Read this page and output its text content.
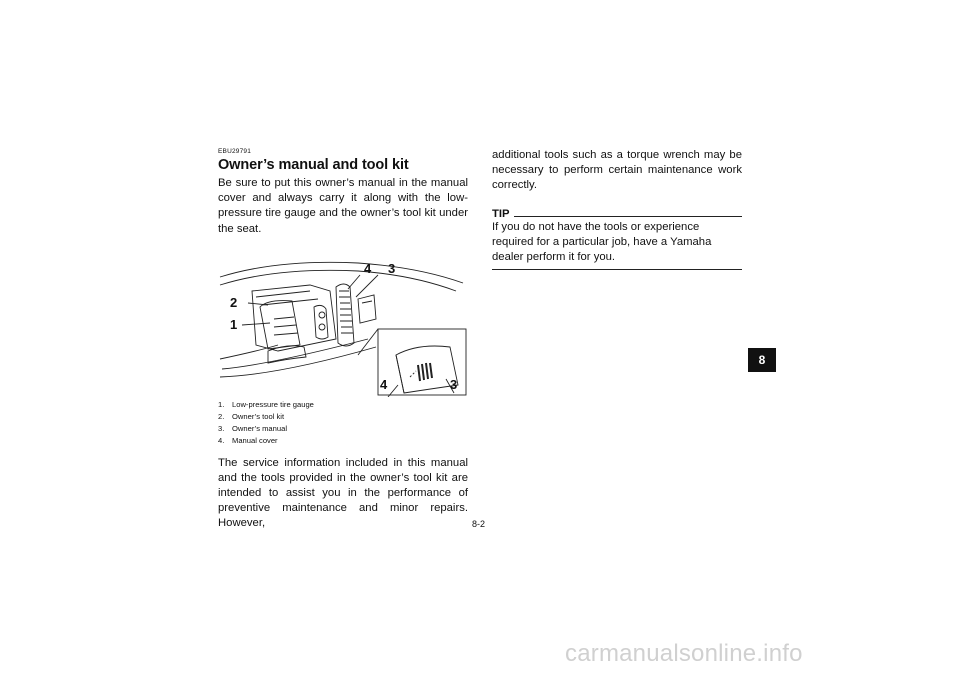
EBU29791

Owner’s manual and tool kit

Be sure to put this owner’s manual in the manual cover and always carry it along with the low-pressure tire gauge and the owner’s tool kit under the seat.

4 3
2
1
4	3
1.	Low-pressure tire gauge
2.	Owner’s tool kit
3.	Owner’s manual
4.	Manual cover

The service information included in this manual and the tools provided in the owner’s tool kit are intended to assist you in the performance of preventive maintenance and minor repairs. However,

additional tools such as a torque wrench may be necessary to perform certain maintenance work correctly.

TIP

If you do not have the tools or experience required for a particular job, have a Yamaha dealer perform it for you.

8
8-2
carmanualsonline.info
